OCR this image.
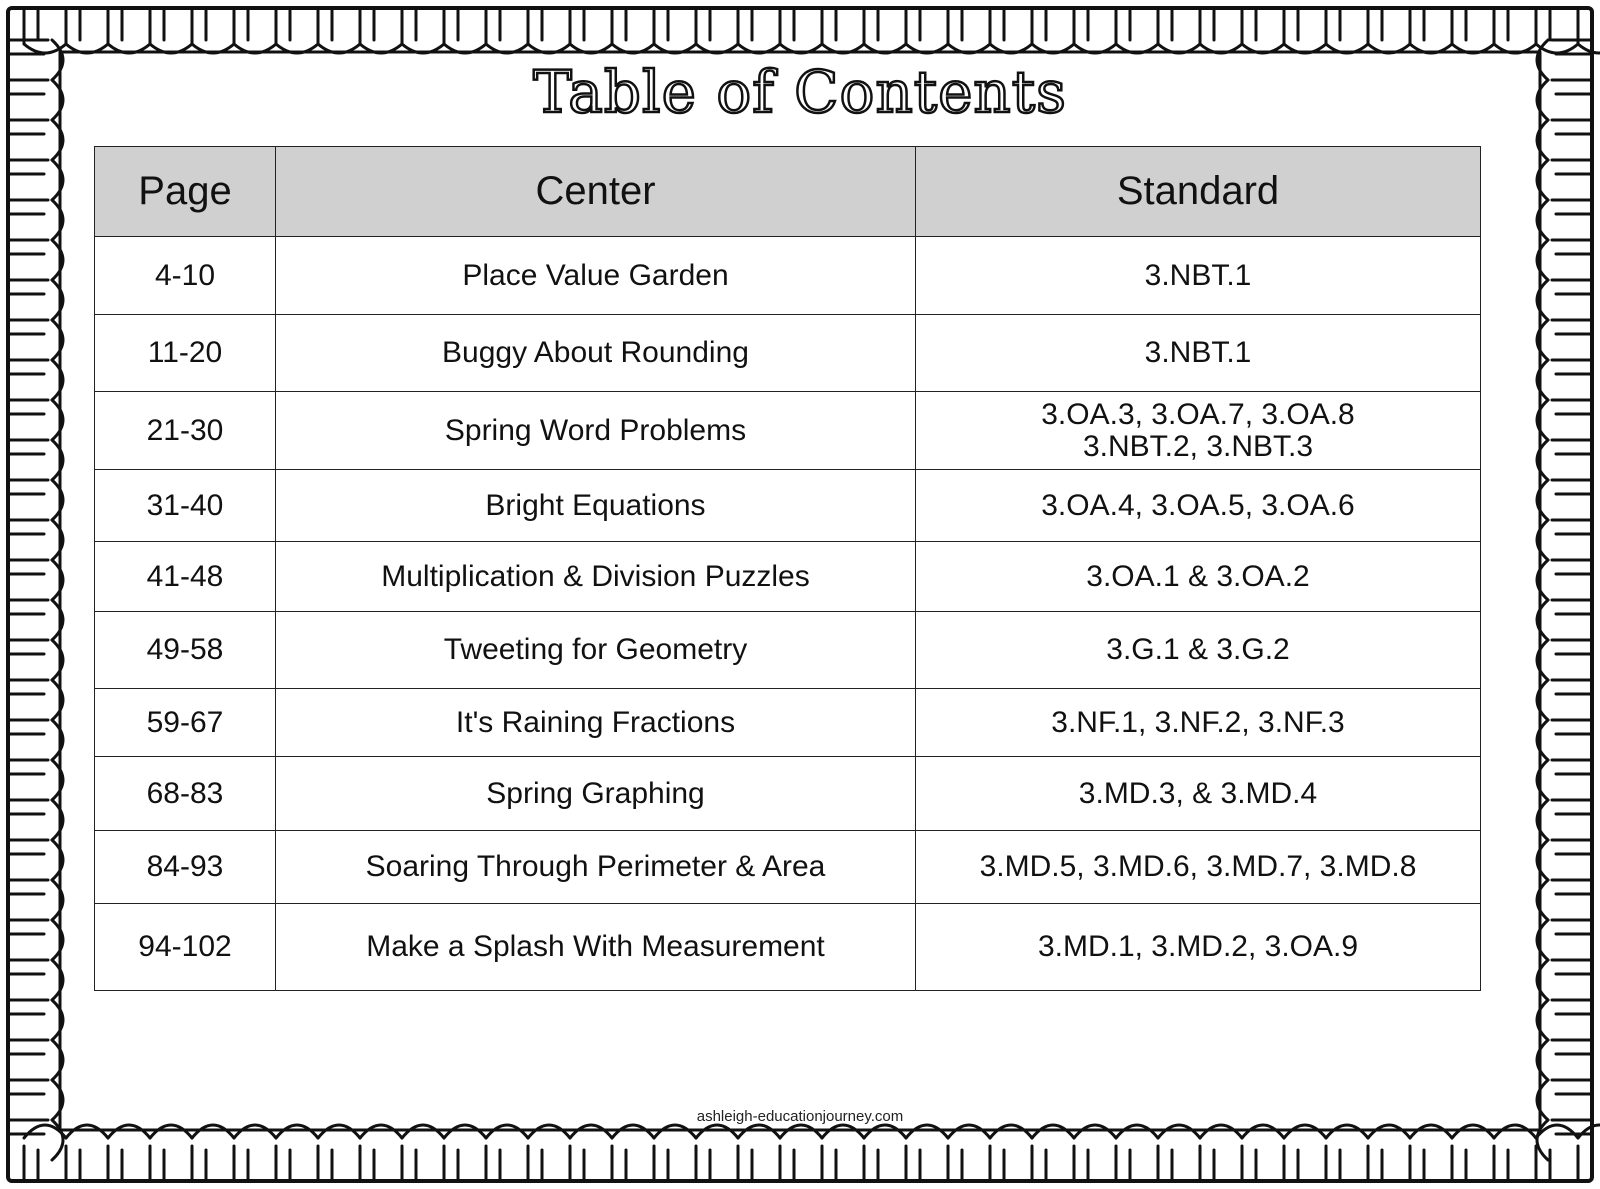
Table of Contents
Page	Center	Standard
4-10	Place Value Garden	3.NBT.1

11-20	Buggy About Rounding	3.NBT.1

21-30	Spring Word Problems	3.OA.3, 3.OA.7, 3.OA.8
3.NBT.2, 3.NBT.3

31-40	Bright Equations	3.OA.4, 3.OA.5, 3.OA.6

41-48	Multiplication & Division Puzzles	3.OA.1 & 3.OA.2

49-58	Tweeting for Geometry	3.G.1 & 3.G.2

59-67	It's Raining Fractions	3.NF.1, 3.NF.2, 3.NF.3

68-83	Spring Graphing	3.MD.3, & 3.MD.4

84-93	Soaring Through Perimeter & Area	3.MD.5, 3.MD.6, 3.MD.7, 3.MD.8

94-102	Make a Splash With Measurement	3.MD.1, 3.MD.2, 3.OA.9
ashleigh-educationjourney.com
